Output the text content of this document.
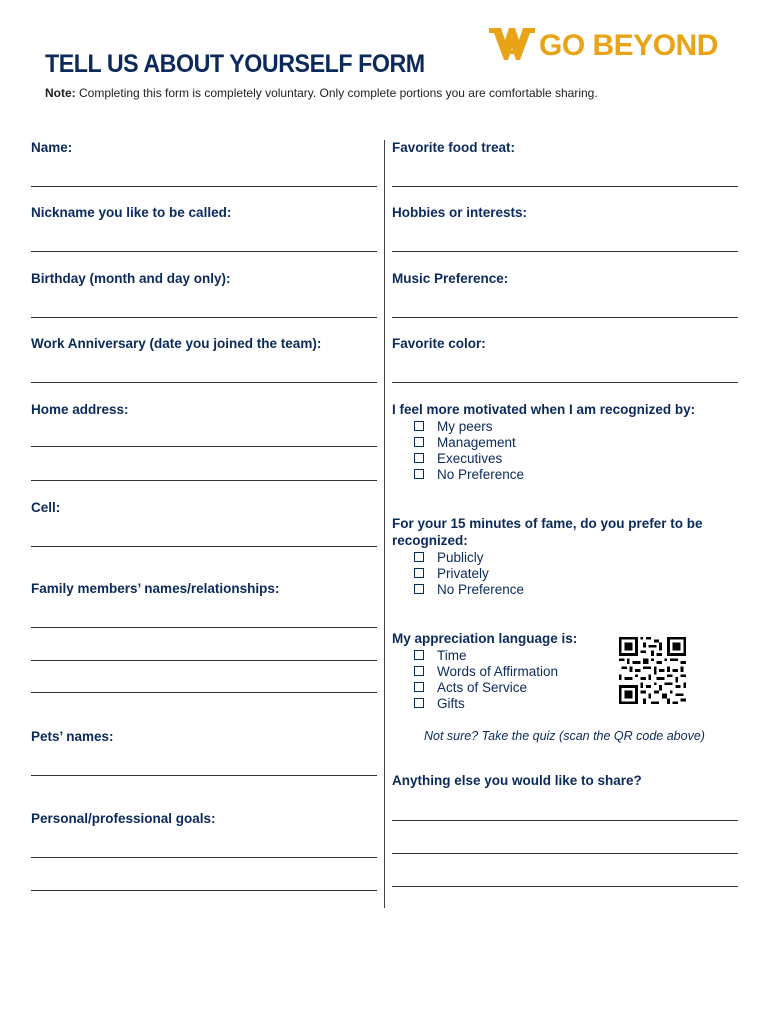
TELL US ABOUT YOURSELF FORM
GO BEYOND
Note: Completing this form is completely voluntary. Only complete portions you are comfortable sharing.
Name:
Nickname you like to be called:
Birthday (month and day only):
Work Anniversary (date you joined the team):
Home address:
Cell:
Family members’ names/relationships:
Pets’ names:
Personal/professional goals:
Favorite food treat:
Hobbies or interests:
Music Preference:
Favorite color:
I feel more motivated when I am recognized by:
My peers
Management
Executives
No Preference
For your 15 minutes of fame, do you prefer to be
recognized:
Publicly
Privately
No Preference
My appreciation language is:
Time
Words of Affirmation
Acts of Service
Gifts
Not sure? Take the quiz (scan the QR code above)
Anything else you would like to share?
